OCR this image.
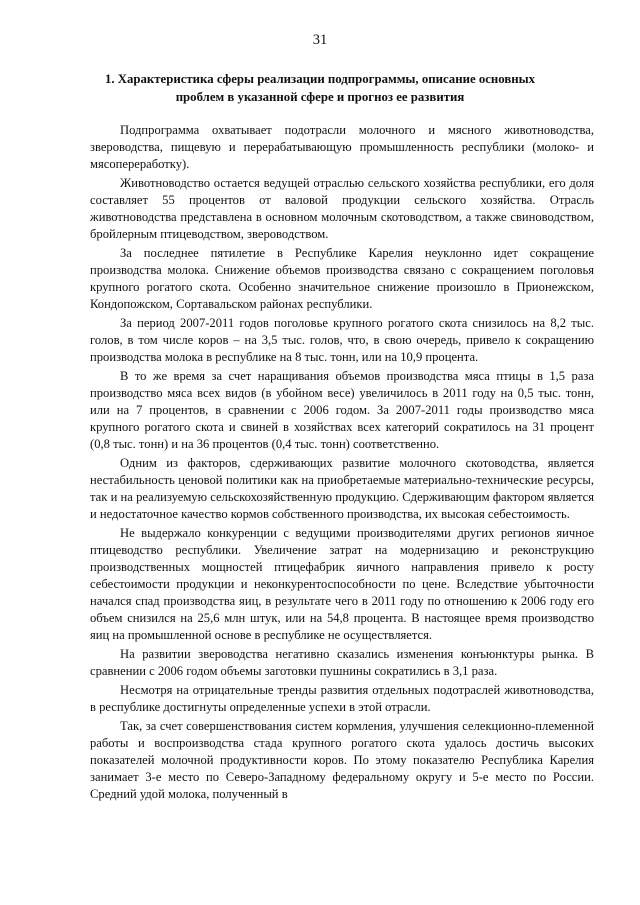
31
1. Характеристика сферы реализации подпрограммы, описание основных проблем в указанной сфере и прогноз ее развития

Подпрограмма охватывает подотрасли молочного и мясного животноводства, звероводства, пищевую и перерабатывающую промышленность республики (молоко- и мясопереработку).

Животноводство остается ведущей отраслью сельского хозяйства республики, его доля составляет 55 процентов от валовой продукции сельского хозяйства. Отрасль животноводства представлена в основном молочным скотоводством, а также свиноводством, бройлерным птицеводством, звероводством.

За последнее пятилетие в Республике Карелия неуклонно идет сокращение производства молока. Снижение объемов производства связано с сокращением поголовья крупного рогатого скота. Особенно значительное снижение произошло в Прионежском, Кондопожском, Сортавальском районах республики.

За период 2007-2011 годов поголовье крупного рогатого скота снизилось на 8,2 тыс. голов, в том числе коров – на 3,5 тыс. голов, что, в свою очередь, привело к сокращению производства молока в республике на 8 тыс. тонн, или на 10,9 процента.

В то же время за счет наращивания объемов производства мяса птицы в 1,5 раза производство мяса всех видов (в убойном весе) увеличилось в 2011 году на 0,5 тыс. тонн, или на 7 процентов, в сравнении с 2006 годом. За 2007-2011 годы производство мяса крупного рогатого скота и свиней в хозяйствах всех категорий сократилось на 31 процент (0,8 тыс. тонн) и на 36 процентов (0,4 тыс. тонн) соответственно.

Одним из факторов, сдерживающих развитие молочного скотоводства, является нестабильность ценовой политики как на приобретаемые материально-технические ресурсы, так и на реализуемую сельскохозяйственную продукцию. Сдерживающим фактором является и недостаточное качество кормов собственного производства, их высокая себестоимость.

Не выдержало конкуренции с ведущими производителями других регионов яичное птицеводство республики. Увеличение затрат на модернизацию и реконструкцию производственных мощностей птицефабрик яичного направления привело к росту себестоимости продукции и неконкурентоспособности по цене. Вследствие убыточности начался спад производства яиц, в результате чего в 2011 году по отношению к 2006 году его объем снизился на 25,6 млн штук, или на 54,8 процента. В настоящее время производство яиц на промышленной основе в республике не осуществляется.

На развитии звероводства негативно сказались изменения конъюнктуры рынка. В сравнении с 2006 годом объемы заготовки пушнины сократились в 3,1 раза.

Несмотря на отрицательные тренды развития отдельных подотраслей животноводства, в республике достигнуты определенные успехи в этой отрасли.

Так, за счет совершенствования систем кормления, улучшения селекционно-племенной работы и воспроизводства стада крупного рогатого скота удалось достичь высоких показателей молочной продуктивности коров. По этому показателю Республика Карелия занимает 3-е место по Северо-Западному федеральному округу и 5-е место по России. Средний удой молока, полученный в
